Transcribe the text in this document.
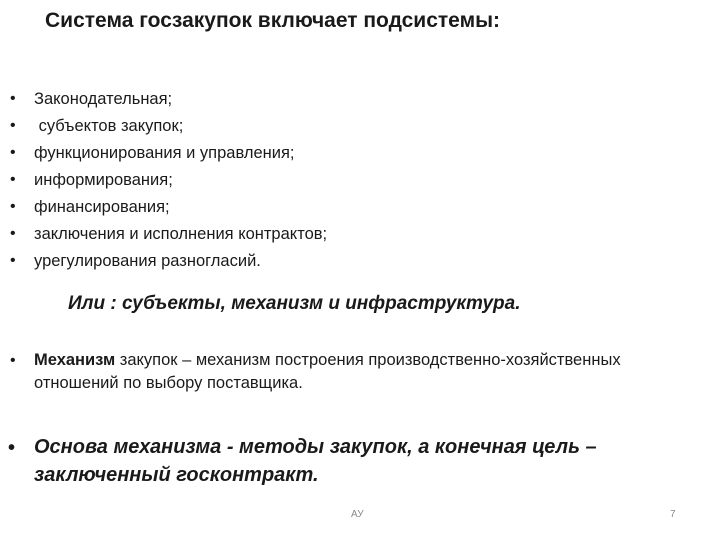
Система госзакупок включает подсистемы:
•	Законодательная;
•	субъектов закупок;
•	функционирования и управления;
•	информирования;
•	финансирования;
•	заключения и исполнения контрактов;
•	урегулирования разногласий.
Или : субъекты, механизм и инфраструктура.
•	Механизм закупок – механизм построения производственно-хозяйственных отношений по выбору поставщика.
• Основа механизма - методы закупок, а конечная цель – заключенный госконтракт.
АУ	7
